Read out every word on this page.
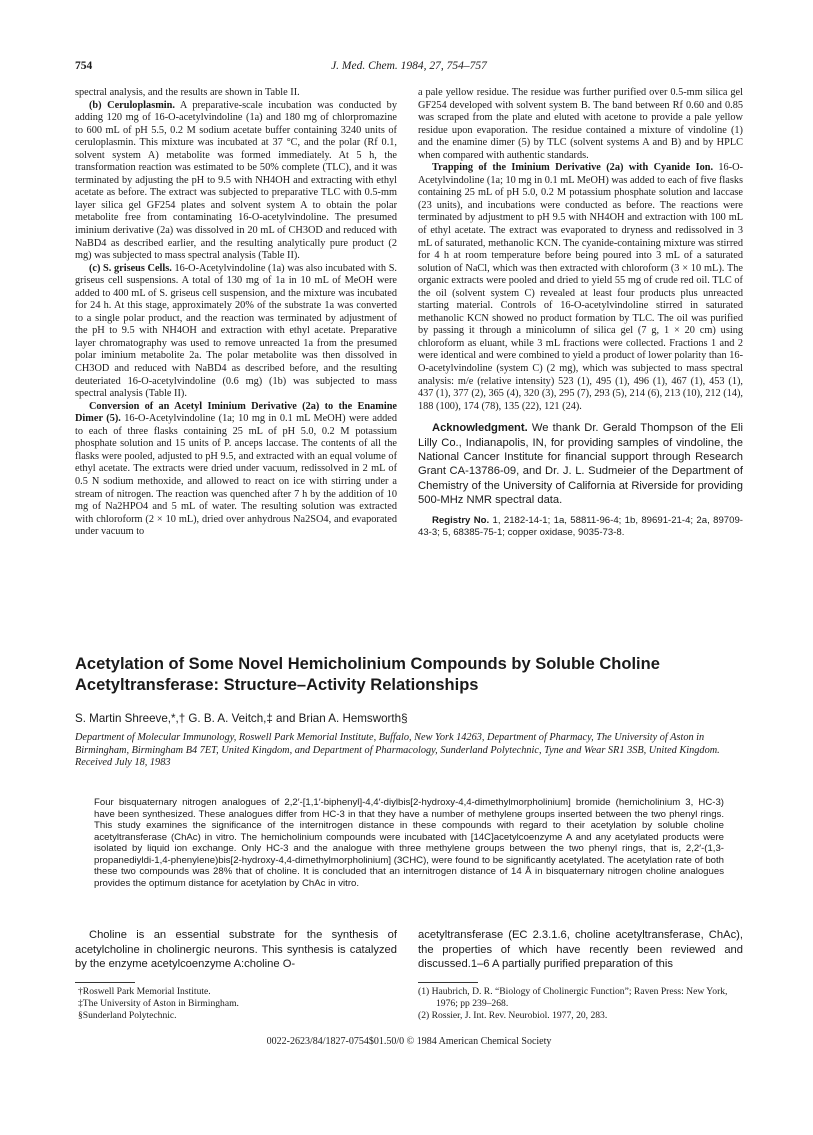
754	J. Med. Chem. 1984, 27, 754–757

spectral analysis, and the results are shown in Table II.

(b) Ceruloplasmin. A preparative-scale incubation was conducted by adding 120 mg of 16-O-acetylvindoline (1a) and 180 mg of chlorpromazine to 600 mL of pH 5.5, 0.2 M sodium acetate buffer containing 3240 units of ceruloplasmin. This mixture was incubated at 37 °C, and the polar (Rf 0.1, solvent system A) metabolite was formed immediately. At 5 h, the transformation reaction was estimated to be 50% complete (TLC), and it was terminated by adjusting the pH to 9.5 with NH4OH and extracting with ethyl acetate as before. The extract was subjected to preparative TLC with 0.5-mm layer silica gel GF254 plates and solvent system A to obtain the polar metabolite free from contaminating 16-O-acetylvindoline. The presumed iminium derivative (2a) was dissolved in 20 mL of CH3OD and reduced with NaBD4 as described earlier, and the resulting analytically pure product (2 mg) was subjected to mass spectral analysis (Table II).

(c) S. griseus Cells. 16-O-Acetylvindoline (1a) was also incubated with S. griseus cell suspensions. A total of 130 mg of 1a in 10 mL of MeOH were added to 400 mL of S. griseus cell suspension, and the mixture was incubated for 24 h. At this stage, approximately 20% of the substrate 1a was converted to a single polar product, and the reaction was terminated by adjustment of the pH to 9.5 with NH4OH and extraction with ethyl acetate. Preparative layer chromatography was used to remove unreacted 1a from the presumed polar iminium metabolite 2a. The polar metabolite was then dissolved in CH3OD and reduced with NaBD4 as described before, and the resulting deuteriated 16-O-acetylvindoline (0.6 mg) (1b) was subjected to mass spectral analysis (Table II).

Conversion of an Acetyl Iminium Derivative (2a) to the Enamine Dimer (5). 16-O-Acetylvindoline (1a; 10 mg in 0.1 mL MeOH) were added to each of three flasks containing 25 mL of pH 5.0, 0.2 M potassium phosphate solution and 15 units of P. anceps laccase. The contents of all the flasks were pooled, adjusted to pH 9.5, and extracted with an equal volume of ethyl acetate. The extracts were dried under vacuum, redissolved in 2 mL of 0.5 N sodium methoxide, and allowed to react on ice with stirring under a stream of nitrogen. The reaction was quenched after 7 h by the addition of 10 mg of Na2HPO4 and 5 mL of water. The resulting solution was extracted with chloroform (2 × 10 mL), dried over anhydrous Na2SO4, and evaporated under vacuum to

a pale yellow residue. The residue was further purified over 0.5-mm silica gel GF254 developed with solvent system B. The band between Rf 0.60 and 0.85 was scraped from the plate and eluted with acetone to provide a pale yellow residue upon evaporation. The residue contained a mixture of vindoline (1) and the enamine dimer (5) by TLC (solvent systems A and B) and by HPLC when compared with authentic standards.

Trapping of the Iminium Derivative (2a) with Cyanide Ion. 16-O-Acetylvindoline (1a; 10 mg in 0.1 mL MeOH) was added to each of five flasks containing 25 mL of pH 5.0, 0.2 M potassium phosphate solution and laccase (23 units), and incubations were conducted as before. The reactions were terminated by adjustment to pH 9.5 with NH4OH and extraction with 100 mL of ethyl acetate. The extract was evaporated to dryness and redissolved in 3 mL of saturated, methanolic KCN. The cyanide-containing mixture was stirred for 4 h at room temperature before being poured into 3 mL of a saturated solution of NaCl, which was then extracted with chloroform (3 × 10 mL). The organic extracts were pooled and dried to yield 55 mg of crude red oil. TLC of the oil (solvent system C) revealed at least four products plus unreacted starting material. Controls of 16-O-acetylvindoline stirred in saturated methanolic KCN showed no product formation by TLC. The oil was purified by passing it through a minicolumn of silica gel (7 g, 1 × 20 cm) using chloroform as eluant, while 3 mL fractions were collected. Fractions 1 and 2 were identical and were combined to yield a product of lower polarity than 16-O-acetylvindoline (system C) (2 mg), which was subjected to mass spectral analysis: m/e (relative intensity) 523 (1), 495 (1), 496 (1), 467 (1), 453 (1), 437 (1), 377 (2), 365 (4), 320 (3), 295 (7), 293 (5), 214 (6), 213 (10), 212 (14), 188 (100), 174 (78), 135 (22), 121 (24).

Acknowledgment. We thank Dr. Gerald Thompson of the Eli Lilly Co., Indianapolis, IN, for providing samples of vindoline, the National Cancer Institute for financial support through Research Grant CA-13786-09, and Dr. J. L. Sudmeier of the Department of Chemistry of the University of California at Riverside for providing 500-MHz NMR spectral data.

Registry No. 1, 2182-14-1; 1a, 58811-96-4; 1b, 89691-21-4; 2a, 89709-43-3; 5, 68385-75-1; copper oxidase, 9035-73-8.

Acetylation of Some Novel Hemicholinium Compounds by Soluble Choline
Acetyltransferase: Structure–Activity Relationships
S. Martin Shreeve,*,† G. B. A. Veitch,‡ and Brian A. Hemsworth§
Department of Molecular Immunology, Roswell Park Memorial Institute, Buffalo, New York 14263, Department of Pharmacy, The University of Aston in Birmingham, Birmingham B4 7ET, United Kingdom, and Department of Pharmacology, Sunderland Polytechnic, Tyne and Wear SR1 3SB, United Kingdom. Received July 18, 1983
Four bisquaternary nitrogen analogues of 2,2′-[1,1′-biphenyl]-4,4′-diylbis[2-hydroxy-4,4-dimethylmorpholinium] bromide (hemicholinium 3, HC-3) have been synthesized. These analogues differ from HC-3 in that they have a number of methylene groups inserted between the two phenyl rings. This study examines the significance of the internitrogen distance in these compounds with regard to their acetylation by soluble choline acetyltransferase (ChAc) in vitro. The hemicholinium compounds were incubated with [14C]acetylcoenzyme A and any acetylated products were isolated by liquid ion exchange. Only HC-3 and the analogue with three methylene groups between the two phenyl rings, that is, 2,2′-(1,3-propanediyldi-1,4-phenylene)bis[2-hydroxy-4,4-dimethylmorpholinium] (3CHC), were found to be significantly acetylated. The acetylation rate of both these two compounds was 28% that of choline. It is concluded that an internitrogen distance of 14 Å in bisquaternary nitrogen choline analogues provides the optimum distance for acetylation by ChAc in vitro.

Choline is an essential substrate for the synthesis of acetylcholine in cholinergic neurons. This synthesis is catalyzed by the enzyme acetylcoenzyme A:choline O-

acetyltransferase (EC 2.3.1.6, choline acetyltransferase, ChAc), the properties of which have recently been reviewed and discussed.1–6 A partially purified preparation of this

†Roswell Park Memorial Institute.
‡The University of Aston in Birmingham.
§Sunderland Polytechnic.
(1) Haubrich, D. R. “Biology of Cholinergic Function”; Raven Press: New York, 1976; pp 239–268.
(2) Rossier, J. Int. Rev. Neurobiol. 1977, 20, 283.
0022-2623/84/1827-0754$01.50/0 © 1984 American Chemical Society
